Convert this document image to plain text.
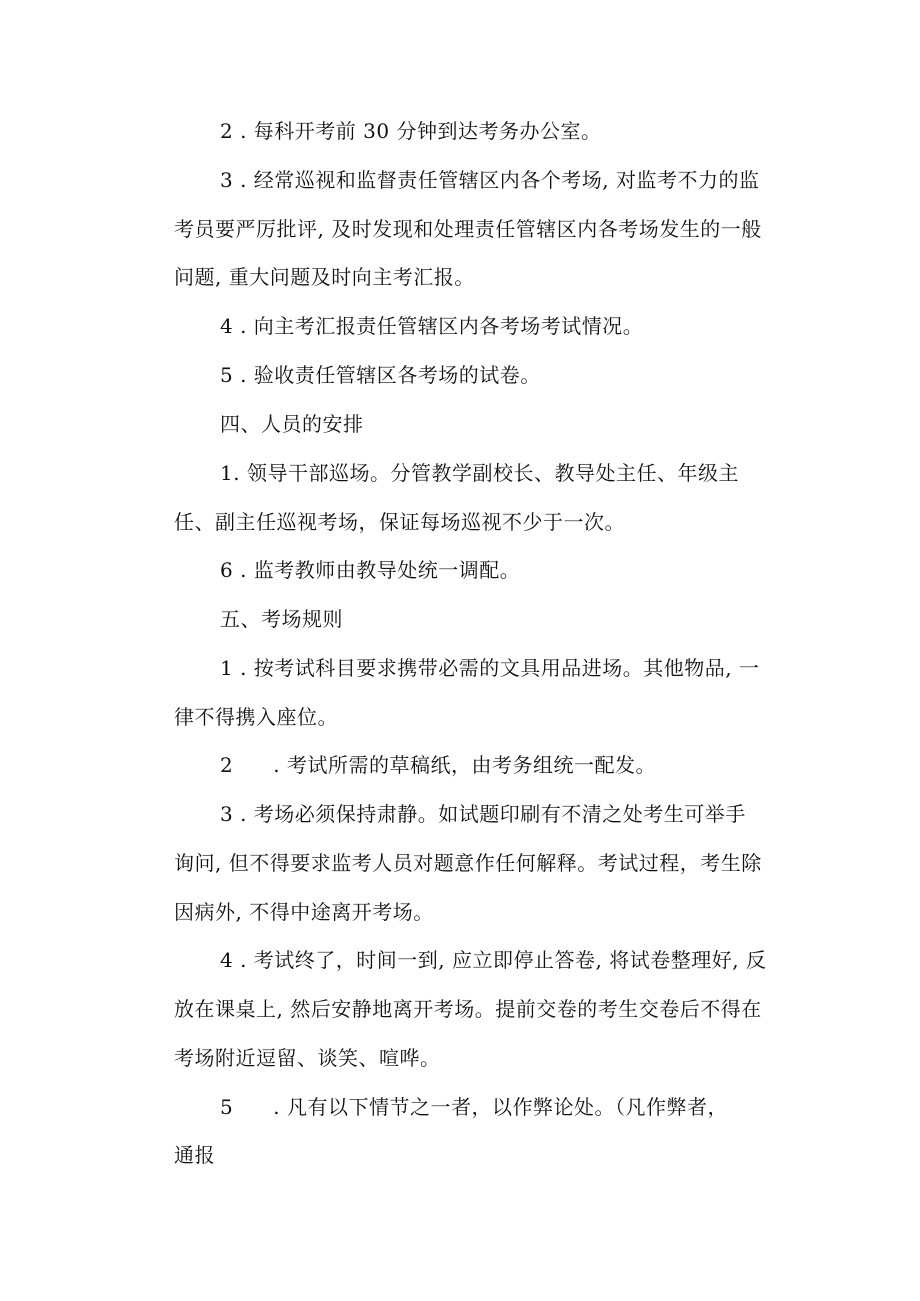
2 . 每科开考前 30 分钟到达考务办公室。
3 . 经常巡视和监督责任管辖区内各个考场, 对监考不力的监
考员要严厉批评, 及时发现和处理责任管辖区内各考场发生的一般
问题, 重大问题及时向主考汇报。
4 . 向主考汇报责任管辖区内各考场考试情况。
5 . 验收责任管辖区各考场的试卷。
四、人员的安排
1. 领导干部巡场。分管教学副校长、教导处主任、年级主
任、副主任巡视考场，保证每场巡视不少于一次。
6 . 监考教师由教导处统一调配。
五、考场规则
1 . 按考试科目要求携带必需的文具用品进场。其他物品, 一
律不得携入座位。
2 . 考试所需的草稿纸，由考务组统一配发。
3 . 考场必须保持肃静。如试题印刷有不清之处考生可举手
询问, 但不得要求监考人员对题意作任何解释。考试过程，考生除
因病外, 不得中途离开考场。
4 . 考试终了，时间一到, 应立即停止答卷, 将试卷整理好, 反
放在课桌上, 然后安静地离开考场。提前交卷的考生交卷后不得在
考场附近逗留、谈笑、喧哗。
5 . 凡有以下情节之一者，以作弊论处。（凡作弊者，
通报
